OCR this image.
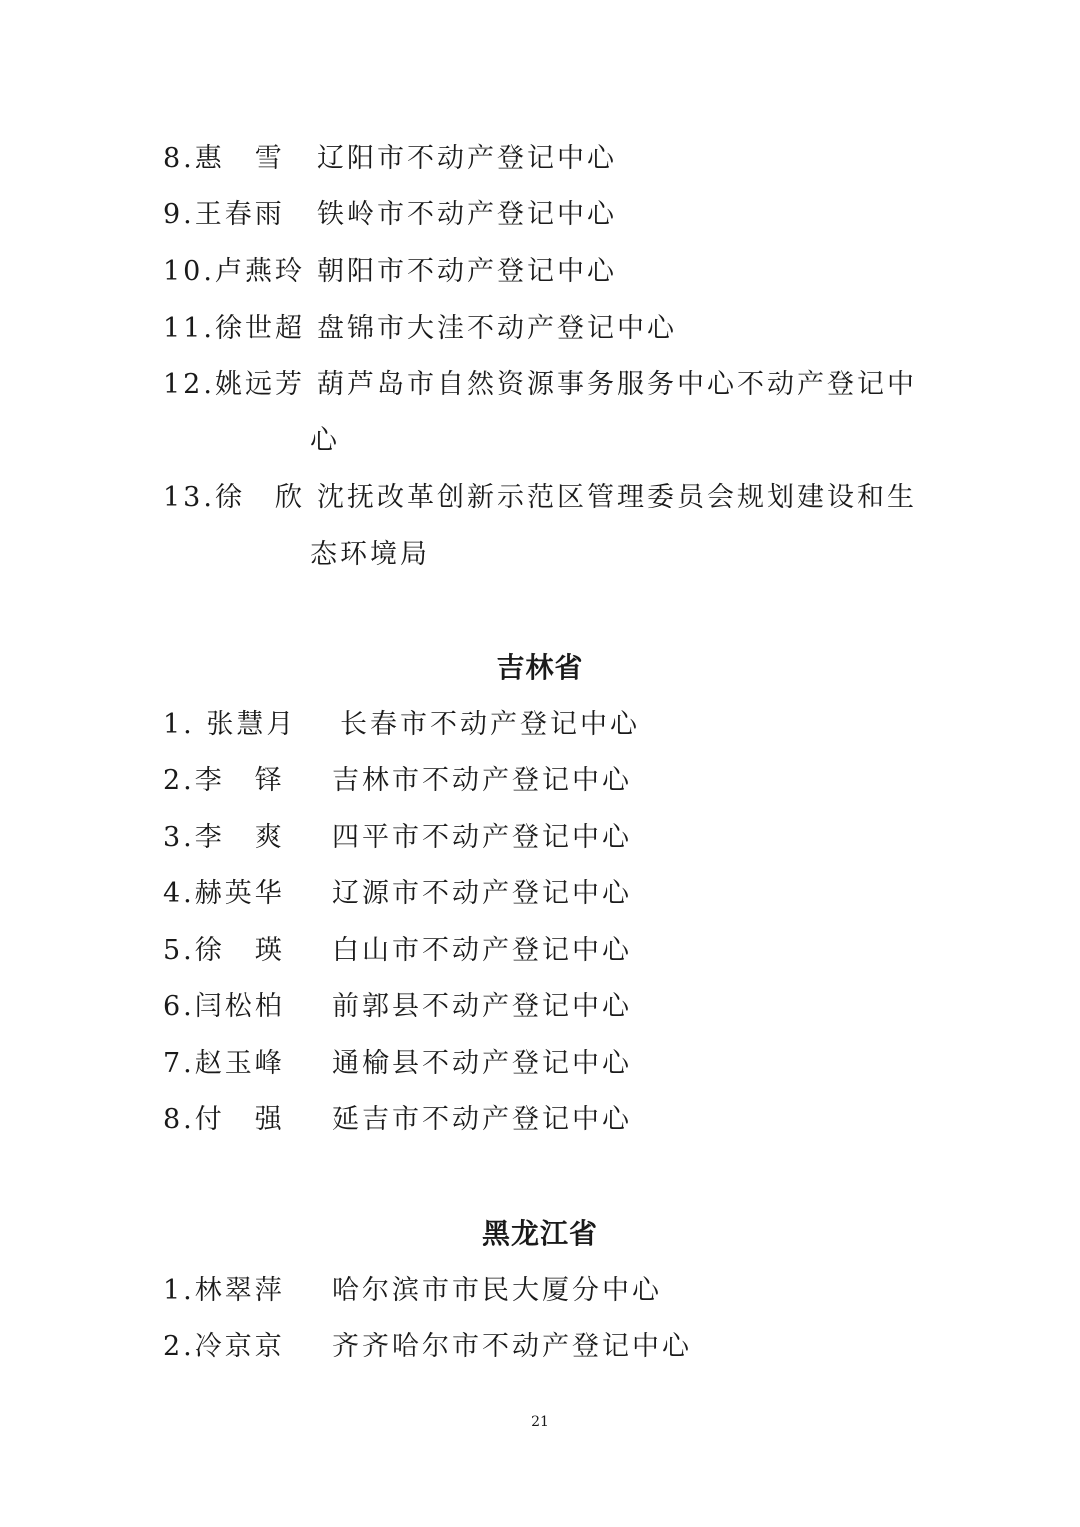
8.惠　雪 辽阳市不动产登记中心
9.王春雨 铁岭市不动产登记中心
10.卢燕玲 朝阳市不动产登记中心
11.徐世超 盘锦市大洼不动产登记中心
12.姚远芳 葫芦岛市自然资源事务服务中心不动产登记中
心
13.徐　欣 沈抚改革创新示范区管理委员会规划建设和生
态环境局
吉林省
1. 张慧月 长春市不动产登记中心
2.李　铎 吉林市不动产登记中心
3.李　爽 四平市不动产登记中心
4.赫英华 辽源市不动产登记中心
5.徐　瑛 白山市不动产登记中心
6.闫松柏 前郭县不动产登记中心
7.赵玉峰 通榆县不动产登记中心
8.付　强 延吉市不动产登记中心
黑龙江省
1.林翠萍 哈尔滨市市民大厦分中心
2.冷京京 齐齐哈尔市不动产登记中心
21
